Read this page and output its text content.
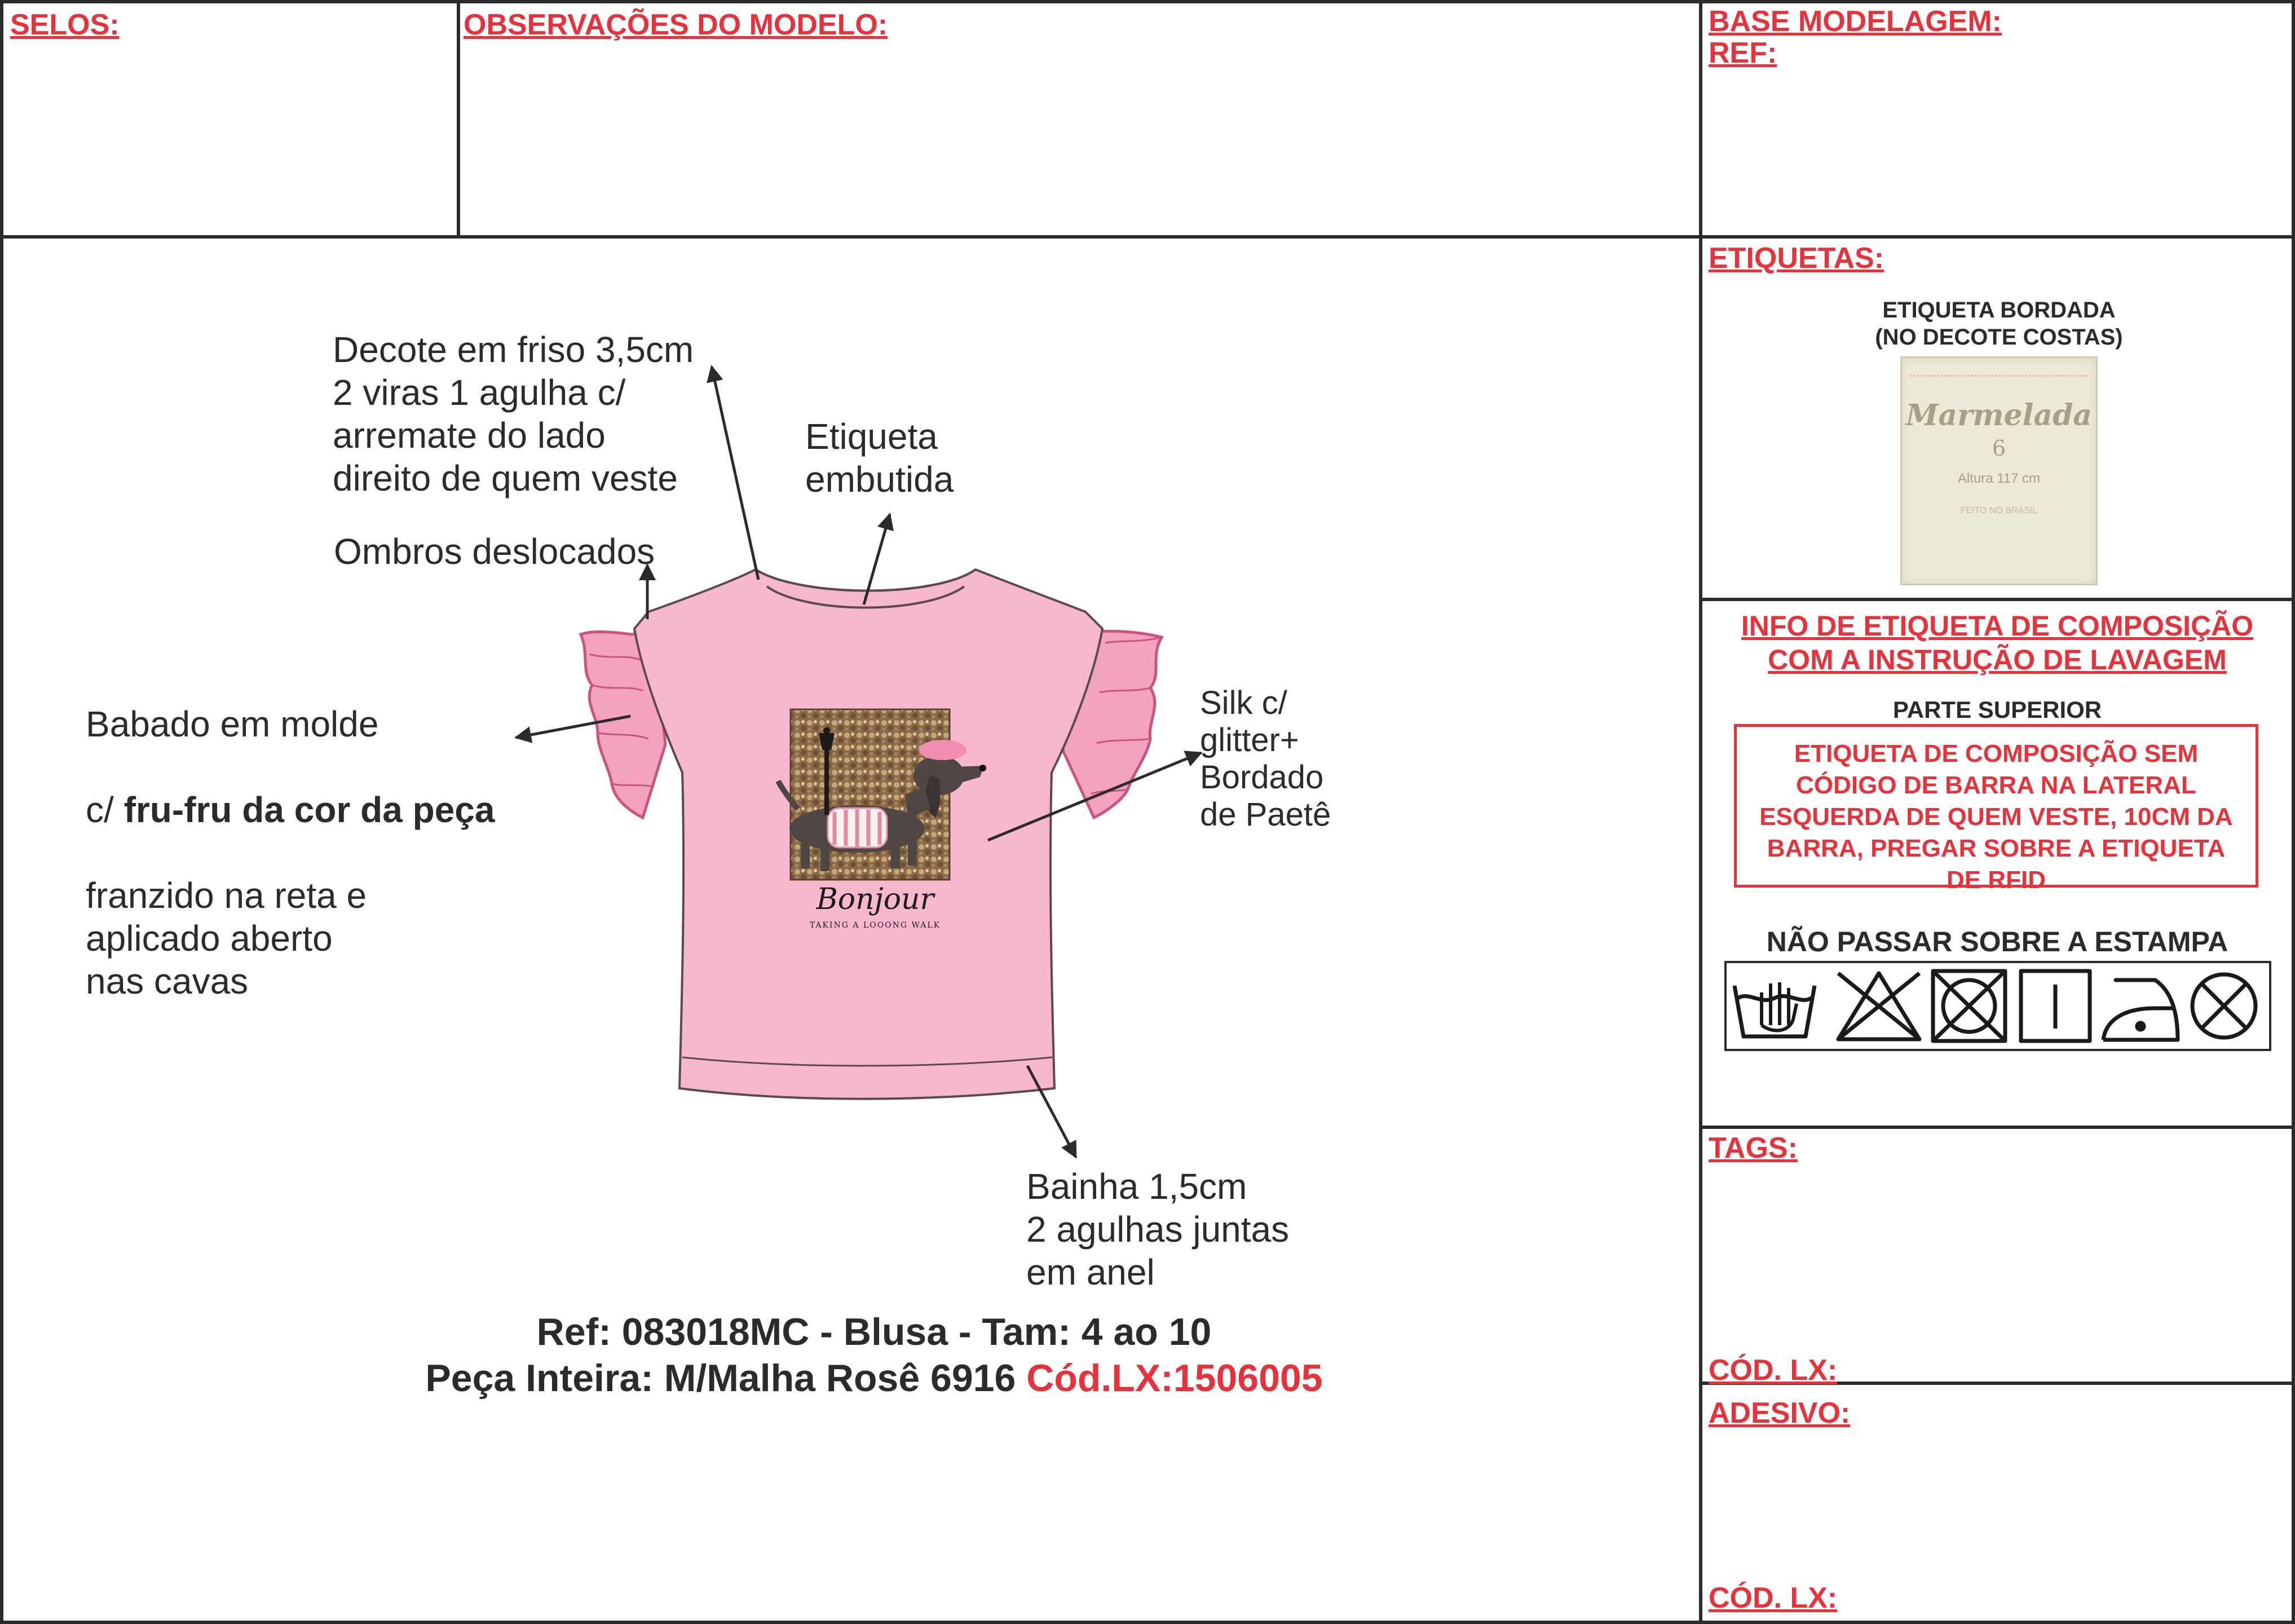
SELOS:	OBSERVAÇÕES DO MODELO:	BASE MODELAGEM:
REF:
Bonjour
TAKING A LOOONG WALK
Decote em friso 3,5cm
2 viras 1 agulha c/
arremate do lado
direito de quem veste
Etiqueta
embutida
Ombros deslocados

Babado em molde

c/ fru-fru da cor da peça

franzido na reta e
aplicado aberto
nas cavas

Silk c/
glitter+
Bordado
de Paetê
Bainha 1,5cm
2 agulhas juntas
em anel
Ref: 083018MC - Blusa - Tam: 4 ao 10
Peça Inteira: M/Malha Rosê 6916 Cód.LX:1506005
ETIQUETAS:
ETIQUETA BORDADA
(NO DECOTE COSTAS)
Marmelada
6
Altura 117 cm
FEITO NO BRASIL
INFO DE ETIQUETA DE COMPOSIÇÃO
COM A INSTRUÇÃO DE LAVAGEM
PARTE SUPERIOR
ETIQUETA DE COMPOSIÇÃO SEM CÓDIGO DE BARRA NA LATERAL ESQUERDA DE QUEM VESTE, 10CM DA BARRA, PREGAR SOBRE A ETIQUETA DE RFID
NÃO PASSAR SOBRE A ESTAMPA
TAGS:
CÓD. LX:
ADESIVO:
CÓD. LX:
